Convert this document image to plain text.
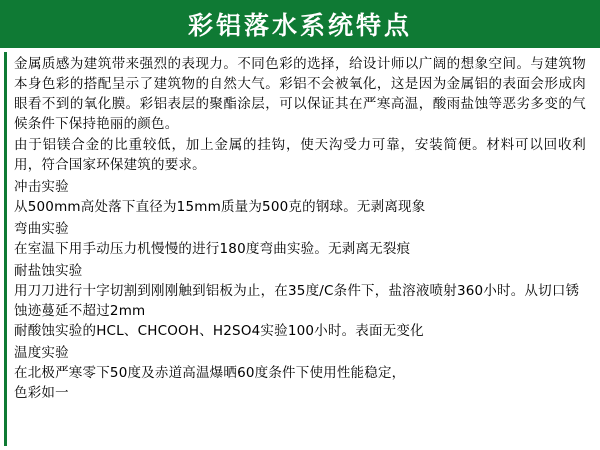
彩铝落水系统特点

金属质感为建筑带来强烈的表现力。不同色彩的选择，给设计师以广阔的想象空间。与建筑物本身色彩的搭配呈示了建筑物的自然大气。彩铝不会被氧化，这是因为金属铝的表面会形成肉眼看不到的氧化膜。彩铝表层的聚酯涂层，可以保证其在严寒高温，酸雨盐蚀等恶劣多变的气候条件下保持艳丽的颜色。

由于铝镁合金的比重较低，加上金属的挂钩，使天沟受力可靠，安装简便。材料可以回收利用，符合国家环保建筑的要求。

冲击实验
从500mm高处落下直径为15mm质量为500克的钢球。无剥离现象
弯曲实验
在室温下用手动压力机慢慢的进行180度弯曲实验。无剥离无裂痕
耐盐蚀实验
用刀刀进行十字切割到刚刚触到铝板为止，在35度/C条件下，盐溶液喷射360小时。从切口锈蚀迹蔓延不超过2mm
耐酸蚀实验的HCL、CHCOOH、H2SO4实验100小时。表面无变化
温度实验
在北极严寒零下50度及赤道高温爆晒60度条件下使用性能稳定，
色彩如一
